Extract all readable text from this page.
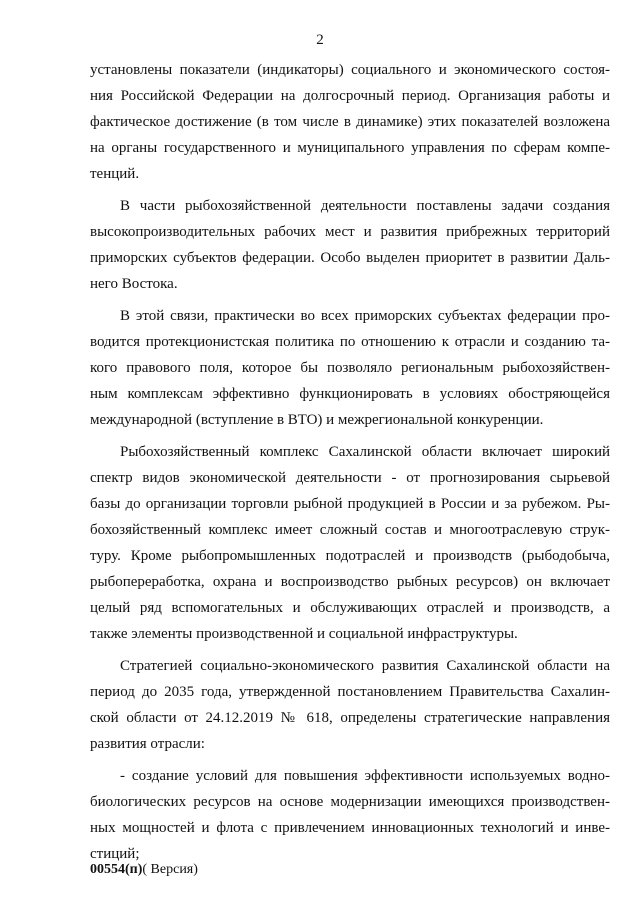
2
установлены показатели (индикаторы) социального и экономического состоя-
ния Российской Федерации на долгосрочный период. Организация работы и
фактическое достижение (в том числе в динамике) этих показателей возложена
на органы государственного и муниципального управления по сферам компе-
тенций.
В части рыбохозяйственной деятельности поставлены задачи создания
высокопроизводительных рабочих мест и развития прибрежных территорий
приморских субъектов федерации. Особо выделен приоритет в развитии Даль-
него Востока.
В этой связи, практически во всех приморских субъектах федерации про-
водится протекционистская политика по отношению к отрасли и созданию та-
кого правового поля, которое бы позволяло региональным рыбохозяйствен-
ным комплексам эффективно функционировать в условиях обостряющейся
международной (вступление в ВТО) и межрегиональной конкуренции.
Рыбохозяйственный комплекс Сахалинской области включает широкий
спектр видов экономической деятельности - от прогнозирования сырьевой
базы до организации торговли рыбной продукцией в России и за рубежом. Ры-
бохозяйственный комплекс имеет сложный состав и многоотраслевую струк-
туру. Кроме рыбопромышленных подотраслей и производств (рыбодобыча,
рыбопереработка, охрана и воспроизводство рыбных ресурсов) он включает
целый ряд вспомогательных и обслуживающих отраслей и производств, а
также элементы производственной и социальной инфраструктуры.
Стратегией социально-экономического развития Сахалинской области на
период до 2035 года, утвержденной постановлением Правительства Сахалин-
ской области от 24.12.2019 № 618, определены стратегические направления
развития отрасли:
- создание условий для повышения эффективности используемых водно-
биологических ресурсов на основе модернизации имеющихся производствен-
ных мощностей и флота с привлечением инновационных технологий и инве-
стиций;
00554(п)( Версия)
